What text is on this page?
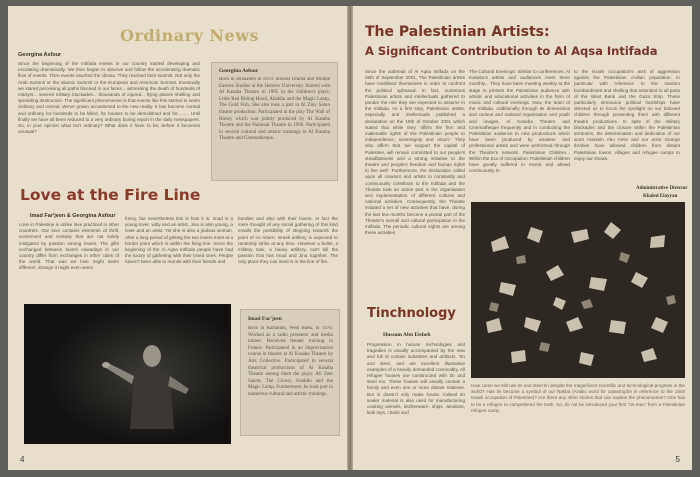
Ordinary News
Georgina Asfour
Since the beginning of the Intifada events in our country started developing and escalating dramatically. We then began to observe and follow the accelerating dramatic flow of events. Then events reached the climax. They reached their summit. Not only the Arab Summit or the Islamic Summit or the European and American Summit. Eventually we stared perceiving all paths blocked in our faces... witnessing the death of hundreds of martyrs... several military blockades... thousands of injured... flying planes shelling and spreading destruction. The significant phenomenon is that events like this started to seem ordinary and normal. We've grown accustomed to the new reality. It has become normal and ordinary for hundreds to be killed, for houses to be demolished and for......... Until finally we have all been reduced to a very ordinary boring report in the daily newspapers. So, in your opinion what isn't ordinary? What does it have to be, before it becomes unusual?
Georgina Asfour
Born in Jerusalem in 1979. Studies Drama and Middle Eastern Studies at the Hebrew University. Started with Al Kasaba Theatre in 1995 in the children's plays: Little Red Riding Hood, Aladdin and the Magic Lamp, The Gold Fish. She also took a part in Al Ziny Salon theatre production. Participated in the play The Wall of Honey which was jointly produced by Al Kasaba Theatre and the National Theatre in 1996. Participated in several cultural and artistic trainings in Al Kasaba Theatre and Cinematheque.
Love at the Fire Line
Imad Far'jeen & Georgina Asfour
Love in Palestine is unlike love practiced in other countries. Our love contains elements of thrill, excitement and ecstasy that are not solely instigated by passion among lovers. The gifts exchanged between lovers nowadays in our country differ from exchanges in other cities of the world. That was we love might seem different, strange it might even seem
funny, but nevertheless this is how it is. Imad is a young lover, witty and an artist. Jina is also young, a lover and an artist. Yet she is also a jealous woman. After a long period of getting the two lovers meet at a border point which is within the firing line. Since the beginning of the Al Aqsa Intifada people have had the luxury of gathering with their loved ones. People haven't been able to reunite with their friends and
families and also with their lovers. In fact the mere thought of any social gathering of this kind entails the possibility of stepping towards the point of no return. Israeli artillery is expected to randomly strike at any time. However a bullet, a military tank, a heavy artillery, can't kill the passion that has Imad and Jina together. The only place they can meet is in the line of fire.
Imad Far'jeen
Born in Ramallah, West Bank, in 1976. Worked as a radio presenter and media trainer. Received theater training in France. Participated in an improvisation course in theatre at Al Kasaba Theatre by Arts Collective. Participated in several theatrical productions of Al Kasaba Theatre among them the plays: Ali Zeer Salem, The Clown, Aladdin and the Magic Lamp. Furthermore, he took part in numerous cultural and artistic trainings.
4
The Palestinian Artists:
A Significant Contribution to Al Aqsa Intifada
Since the outbreak of Al Aqsa Intifada on the 28th of September 2001, The Palestinian artists have mobilised themselves in order to confront the political upheaval. In fact, numerous Palestinian artists and intellectuals gathered to ponder the role they are expected to assume in the Intifada. As a first step, Palestinian artists, especially and intellectuals published a declaration on the 19th of October 2001 which stated that while they 'affirm the firm and inalienable rights of the Palestinian people to independence, sovereignty and return.' They also affirm that 'we support the capital of Palestine, will remain committed to our people's steadfastness and a strong initiative to the theatre and people's freedom and human rights to live well'. Furthermore, the declaration called upon all creators and artists to constantly and continuously contribute to the Intifada and the Theatre took an active part in the organisation and implementation of different cultural and national activities. Consequently, the Theatre initiated a set of new activities that have, during the last few months become a pivotal part of the Theatre's overall and cultural participation in the Intifada. The periodic cultural nights are among these activities.
The Cultural Evenings: Similar to conferences, Al Kasaba's artists and audiences meet there monthly... They have been meeting weekly at the stage to present the Palestinian audience with artistic and educational activities in the form of music and cultural evenings. Now, the team of the Intifada. Additionally through its dimensions and context and national organisation and youth and images, Al Kasaba Theatre and Cinematheque frequently and in conducting the Palestinian audience to new productions which have been produced by amateur and professional artists and were performed through the Theatre's network. Palestinian Children... Within the Era of Occupation: Palestinian children have greatly suffered in recent and ahead continuously to
to the Israeli occupation's acts of aggression against the Palestinian civilian population. In particular with reference to the random bombardment and shelling that extended to all parts of the West Bank and the Gaza Strip. These particularly strenuous political hardships have directed us to focus the spotlight on our beloved children through presenting them with different theatre productions. In spite of the military blockades and the closure within the Palestinian territories, the determination and dedication of our actor Hussein Abu Amin and our actor George Ibrahim have allowed children from distant Palestinian towns, villages and refugee camps to enjoy our shows.
Administrative Director
Khaled Elayyan
Tinchnology
Hussam Abu Eisheh
Progression in human technologies and tragedies is usually accompanied by the new and full of contain industries and artifacts. Tin and steel, and are excellent illustrative examples of a heavily demanded commodity. All refugee houses are constructed with tin and steel too. These houses will usually contain a family and even one or more distant relatives. But in doesn't only make house. Indeed tin sealer material is also used for manufacturing cooking utensils, kitchenware, ships, windows, kids toys, chairs and
How come we still use tin and steel tin despite the magnificent scientific and technological progress in the world? Has tin become a symbol of our Nakba (Arabic word for catastrophe in reference to the 1948 Israeli occupation of Palestine)? Are there any other stories that can explain the phenomenon? One has to be a refugee to comprehend the truth. So, do not be introduced your first "tin-man" from a Palestinian refugee camp.
5
